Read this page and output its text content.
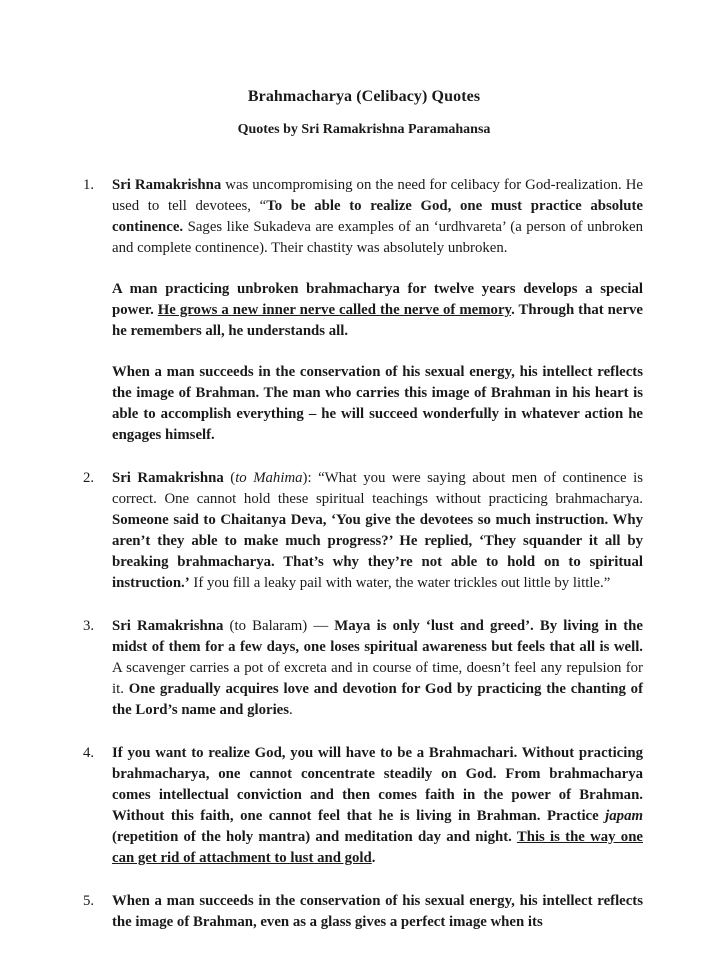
Brahmacharya (Celibacy) Quotes
Quotes by Sri Ramakrishna Paramahansa
1. Sri Ramakrishna was uncompromising on the need for celibacy for God-realization. He used to tell devotees, “To be able to realize God, one must practice absolute continence. Sages like Sukadeva are examples of an ‘urdhvareta’ (a person of unbroken and complete continence). Their chastity was absolutely unbroken.

A man practicing unbroken brahmacharya for twelve years develops a special power. He grows a new inner nerve called the nerve of memory. Through that nerve he remembers all, he understands all.

When a man succeeds in the conservation of his sexual energy, his intellect reflects the image of Brahman. The man who carries this image of Brahman in his heart is able to accomplish everything – he will succeed wonderfully in whatever action he engages himself.

2. Sri Ramakrishna (to Mahima): “What you were saying about men of continence is correct. One cannot hold these spiritual teachings without practicing brahmacharya. Someone said to Chaitanya Deva, ‘You give the devotees so much instruction. Why aren’t they able to make much progress?’ He replied, ‘They squander it all by breaking brahmacharya. That’s why they’re not able to hold on to spiritual instruction.’ If you fill a leaky pail with water, the water trickles out little by little.”

3. Sri Ramakrishna (to Balaram) — Maya is only ‘lust and greed’. By living in the midst of them for a few days, one loses spiritual awareness but feels that all is well. A scavenger carries a pot of excreta and in course of time, doesn’t feel any repulsion for it. One gradually acquires love and devotion for God by practicing the chanting of the Lord’s name and glories.

4. If you want to realize God, you will have to be a Brahmachari. Without practicing brahmacharya, one cannot concentrate steadily on God. From brahmacharya comes intellectual conviction and then comes faith in the power of Brahman. Without this faith, one cannot feel that he is living in Brahman. Practice japam (repetition of the holy mantra) and meditation day and night. This is the way one can get rid of attachment to lust and gold.

5. When a man succeeds in the conservation of his sexual energy, his intellect reflects the image of Brahman, even as a glass gives a perfect image when its
